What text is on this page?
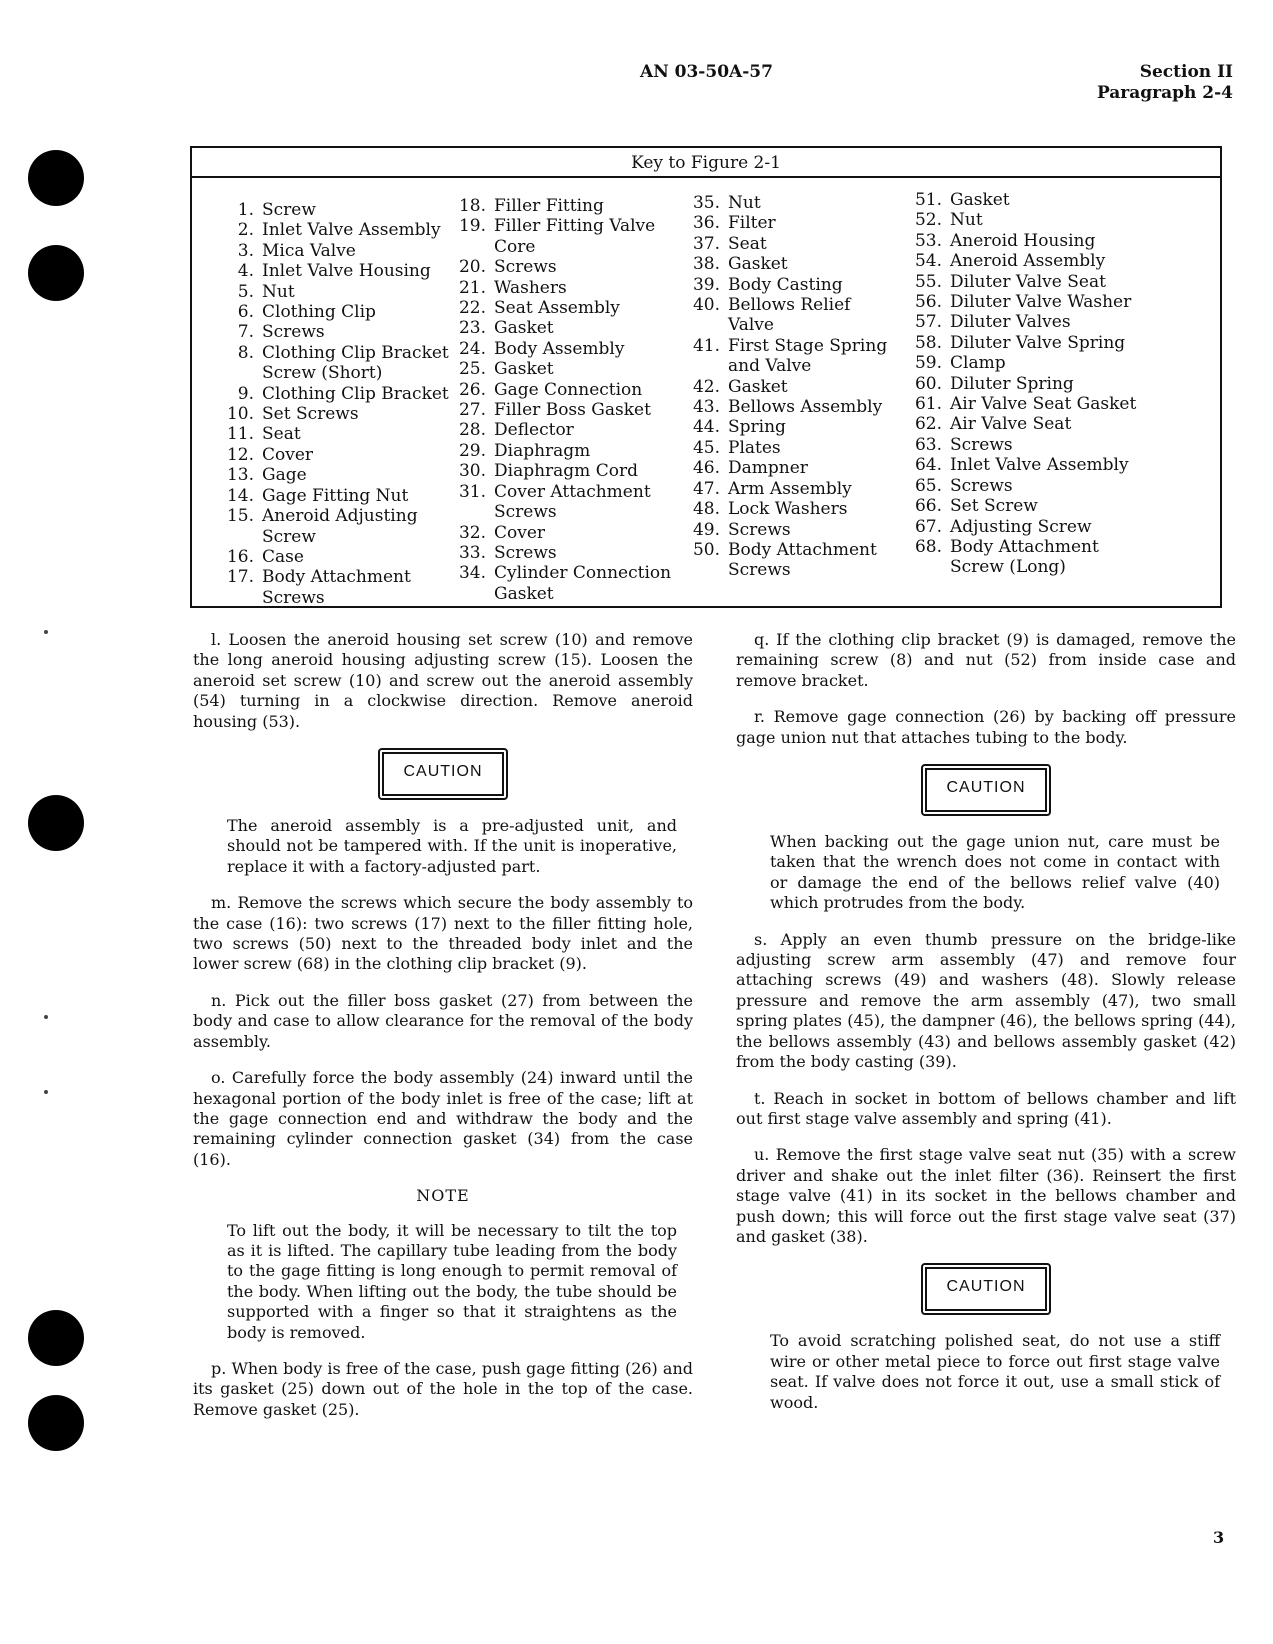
AN 03-50A-57	Section II
Paragraph 2-4
Key to Figure 2-1
1. Screw
2. Inlet Valve Assembly
3. Mica Valve
4. Inlet Valve Housing
5. Nut
6. Clothing Clip
7. Screws
8. Clothing Clip Bracket
Screw (Short)
9. Clothing Clip Bracket
10. Set Screws
11. Seat
12. Cover
13. Gage
14. Gage Fitting Nut
15. Aneroid Adjusting
Screw
16. Case
17. Body Attachment
Screws
18. Filler Fitting
19. Filler Fitting Valve
Core
20. Screws
21. Washers
22. Seat Assembly
23. Gasket
24. Body Assembly
25. Gasket
26. Gage Connection
27. Filler Boss Gasket
28. Deflector
29. Diaphragm
30. Diaphragm Cord
31. Cover Attachment
Screws
32. Cover
33. Screws
34. Cylinder Connection
Gasket
35. Nut
36. Filter
37. Seat
38. Gasket
39. Body Casting
40. Bellows Relief
Valve
41. First Stage Spring
and Valve
42. Gasket
43. Bellows Assembly
44. Spring
45. Plates
46. Dampner
47. Arm Assembly
48. Lock Washers
49. Screws
50. Body Attachment
Screws
51. Gasket
52. Nut
53. Aneroid Housing
54. Aneroid Assembly
55. Diluter Valve Seat
56. Diluter Valve Washer
57. Diluter Valves
58. Diluter Valve Spring
59. Clamp
60. Diluter Spring
61. Air Valve Seat Gasket
62. Air Valve Seat
63. Screws
64. Inlet Valve Assembly
65. Screws
66. Set Screw
67. Adjusting Screw
68. Body Attachment
Screw (Long)

l. Loosen the aneroid housing set screw (10) and remove the long aneroid housing adjusting screw (15). Loosen the aneroid set screw (10) and screw out the aneroid assembly (54) turning in a clockwise direction. Remove aneroid housing (53).

CAUTION

The aneroid assembly is a pre-adjusted unit, and should not be tampered with. If the unit is inoperative, replace it with a factory-adjusted part.

m. Remove the screws which secure the body assembly to the case (16): two screws (17) next to the filler fitting hole, two screws (50) next to the threaded body inlet and the lower screw (68) in the clothing clip bracket (9).

n. Pick out the filler boss gasket (27) from between the body and case to allow clearance for the removal of the body assembly.

o. Carefully force the body assembly (24) inward until the hexagonal portion of the body inlet is free of the case; lift at the gage connection end and withdraw the body and the remaining cylinder connection gasket (34) from the case (16).

NOTE

To lift out the body, it will be necessary to tilt the top as it is lifted. The capillary tube leading from the body to the gage fitting is long enough to permit removal of the body. When lifting out the body, the tube should be supported with a finger so that it straightens as the body is removed.

p. When body is free of the case, push gage fitting (26) and its gasket (25) down out of the hole in the top of the case. Remove gasket (25).

q. If the clothing clip bracket (9) is damaged, remove the remaining screw (8) and nut (52) from inside case and remove bracket.

r. Remove gage connection (26) by backing off pressure gage union nut that attaches tubing to the body.

CAUTION

When backing out the gage union nut, care must be taken that the wrench does not come in contact with or damage the end of the bellows relief valve (40) which protrudes from the body.

s. Apply an even thumb pressure on the bridge-like adjusting screw arm assembly (47) and remove four attaching screws (49) and washers (48). Slowly release pressure and remove the arm assembly (47), two small spring plates (45), the dampner (46), the bellows spring (44), the bellows assembly (43) and bellows assembly gasket (42) from the body casting (39).

t. Reach in socket in bottom of bellows chamber and lift out first stage valve assembly and spring (41).

u. Remove the first stage valve seat nut (35) with a screw driver and shake out the inlet filter (36). Reinsert the first stage valve (41) in its socket in the bellows chamber and push down; this will force out the first stage valve seat (37) and gasket (38).

CAUTION

To avoid scratching polished seat, do not use a stiff wire or other metal piece to force out first stage valve seat. If valve does not force it out, use a small stick of wood.

3
